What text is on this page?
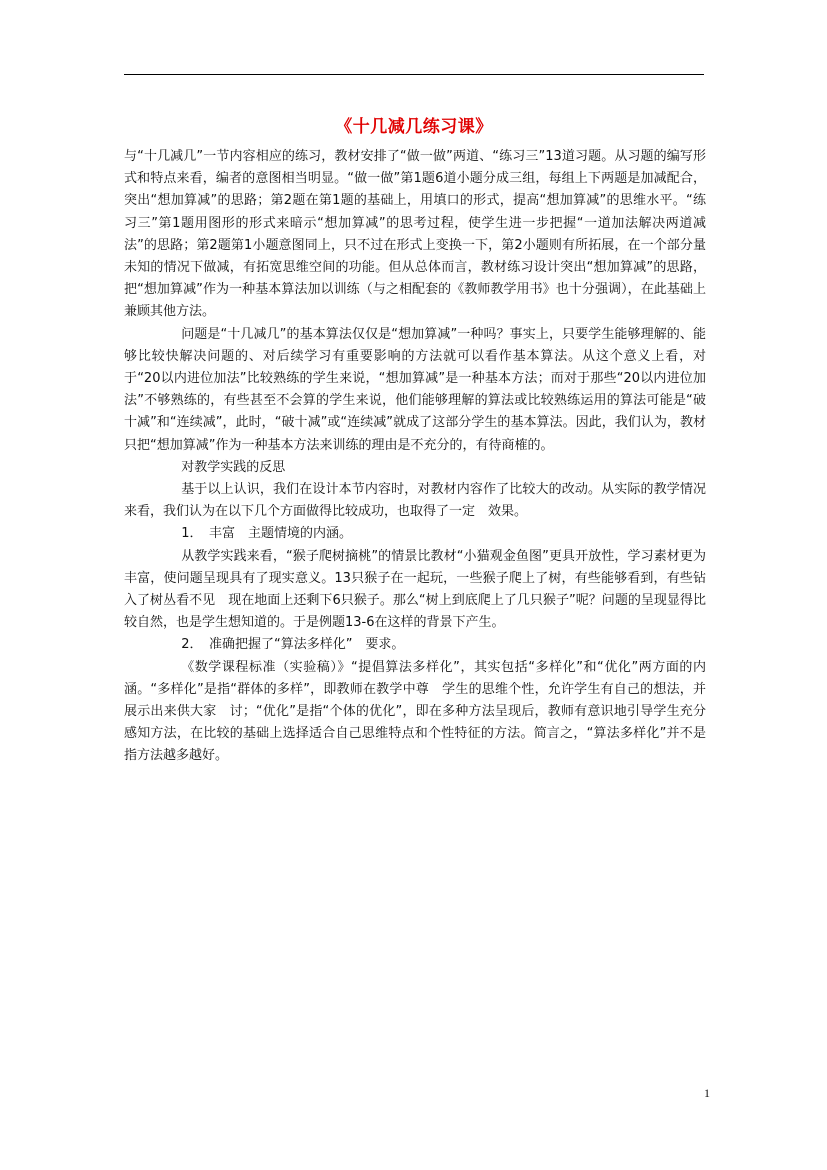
《十几减几练习课》

与“十几减几”一节内容相应的练习，教材安排了“做一做”两道、“练习三”13道习题。从习题的编写形式和特点来看，编者的意图相当明显。“做一做”第1题6道小题分成三组，每组上下两题是加减配合，突出“想加算减”的思路；第2题在第1题的基础上，用填口的形式，提高“想加算减”的思维水平。“练习三”第1题用图形的形式来暗示“想加算减”的思考过程，使学生进一步把握“一道加法解决两道减法”的思路；第2题第1小题意图同上，只不过在形式上变换一下，第2小题则有所拓展，在一个部分量未知的情况下做减，有拓宽思维空间的功能。但从总体而言，教材练习设计突出“想加算减”的思路，把“想加算减”作为一种基本算法加以训练（与之相配套的《教师教学用书》也十分强调），在此基础上兼顾其他方法。

问题是“十几减几”的基本算法仅仅是“想加算减”一种吗？事实上，只要学生能够理解的、能够比较快解决问题的、对后续学习有重要影响的方法就可以看作基本算法。从这个意义上看，对于“20以内进位加法”比较熟练的学生来说，“想加算减”是一种基本方法；而对于那些“20以内进位加法”不够熟练的，有些甚至不会算的学生来说，他们能够理解的算法或比较熟练运用的算法可能是“破十减”和“连续减”，此时，“破十减”或“连续减”就成了这部分学生的基本算法。因此，我们认为，教材只把“想加算减”作为一种基本方法来训练的理由是不充分的，有待商榷的。

对教学实践的反思

基于以上认识，我们在设计本节内容时，对教材内容作了比较大的改动。从实际的教学情况来看，我们认为在以下几个方面做得比较成功，也取得了一定　效果。

1．　丰富　主题情境的内涵。

从教学实践来看，“猴子爬树摘桃”的情景比教材“小猫观金鱼图”更具开放性，学习素材更为丰富，使问题呈现具有了现实意义。13只猴子在一起玩，一些猴子爬上了树，有些能够看到，有些钻入了树丛看不见　现在地面上还剩下6只猴子。那么“树上到底爬上了几只猴子”呢？问题的呈现显得比较自然，也是学生想知道的。于是例题13-6在这样的背景下产生。

2．　准确把握了“算法多样化”　要求。

《数学课程标准（实验稿）》“提倡算法多样化”，其实包括“多样化”和“优化”两方面的内涵。“多样化”是指“群体的多样”，即教师在教学中尊　学生的思维个性，允许学生有自己的想法，并展示出来供大家　讨；“优化”是指“个体的优化”，即在多种方法呈现后，教师有意识地引导学生充分感知方法，在比较的基础上选择适合自己思维特点和个性特征的方法。简言之，“算法多样化”并不是指方法越多越好。

1
